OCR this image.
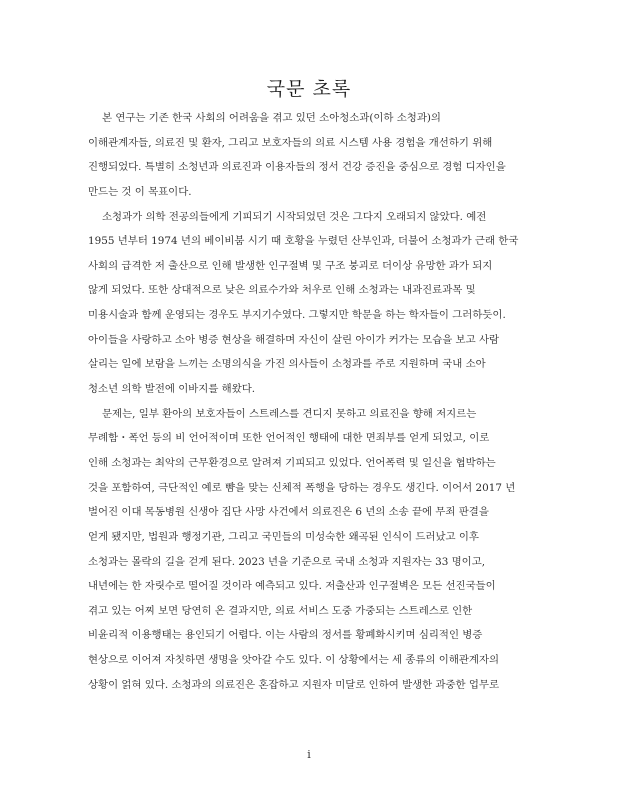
국문 초록
본 연구는 기존 한국 사회의 어려움을 겪고 있던 소아청소과(이하 소청과)의
이해관계자들, 의료진 및 환자, 그리고 보호자들의 의료 시스템 사용 경험을 개선하기 위해
진행되었다. 특별히 소청년과 의료진과 이용자들의 정서 건강 증진을 중심으로 경험 디자인을
만드는 것 이 목표이다.
소청과가 의학 전공의들에게 기피되기 시작되었던 것은 그다지 오래되지 않았다. 예전
1955 년부터 1974 년의 베이비붐 시기 때 호황을 누렸던 산부인과, 더불어 소청과가 근래 한국
사회의 급격한 저 출산으로 인해 발생한 인구절벽 및 구조 붕괴로 더이상 유망한 과가 되지
않게 되었다. 또한 상대적으로 낮은 의료수가와 처우로 인해 소청과는 내과진료과목 및
미용시술과 함께 운영되는 경우도 부지기수였다. 그렇지만 학문을 하는 학자들이 그러하듯이.
아이들을 사랑하고 소아 병증 현상을 해결하며 자신이 살린 아이가 커가는 모습을 보고 사람
살리는 일에 보람을 느끼는 소명의식을 가진 의사들이 소청과를 주로 지원하며 국내 소아
청소년 의학 발전에 이바지를 해왔다.
문제는, 일부 환아의 보호자들이 스트레스를 견디지 못하고 의료진을 향해 저지르는
무례함・폭언 등의 비 언어적이며 또한 언어적인 행태에 대한 면죄부를 얻게 되었고, 이로
인해 소청과는 최악의 근무환경으로 알려져 기피되고 있었다. 언어폭력 및 일신을 협박하는
것을 포함하여, 극단적인 예로 뺨을 맞는 신체적 폭행을 당하는 경우도 생긴다. 이어서 2017 년
벌어진 이대 목동병원 신생아 집단 사망 사건에서 의료진은 6 년의 소송 끝에 무죄 판결을
얻게 됐지만, 법원과 행정기관, 그리고 국민들의 미성숙한 왜곡된 인식이 드러났고 이후
소청과는 몰락의 길을 걷게 된다. 2023 년을 기준으로 국내 소청과 지원자는 33 명이고,
내년에는 한 자릿수로 떨어질 것이라 예측되고 있다. 저출산과 인구절벽은 모든 선진국들이
겪고 있는 어찌 보면 당연히 온 결과지만, 의료 서비스 도중 가중되는 스트레스로 인한
비윤리적 이용행태는 용인되기 어렵다. 이는 사람의 정서를 황폐화시키며 심리적인 병증
현상으로 이어져 자칫하면 생명을 앗아갈 수도 있다. 이 상황에서는 세 종류의 이해관계자의
상황이 얽혀 있다. 소청과의 의료진은 혼잡하고 지원자 미달로 인하여 발생한 과중한 업무로
i
